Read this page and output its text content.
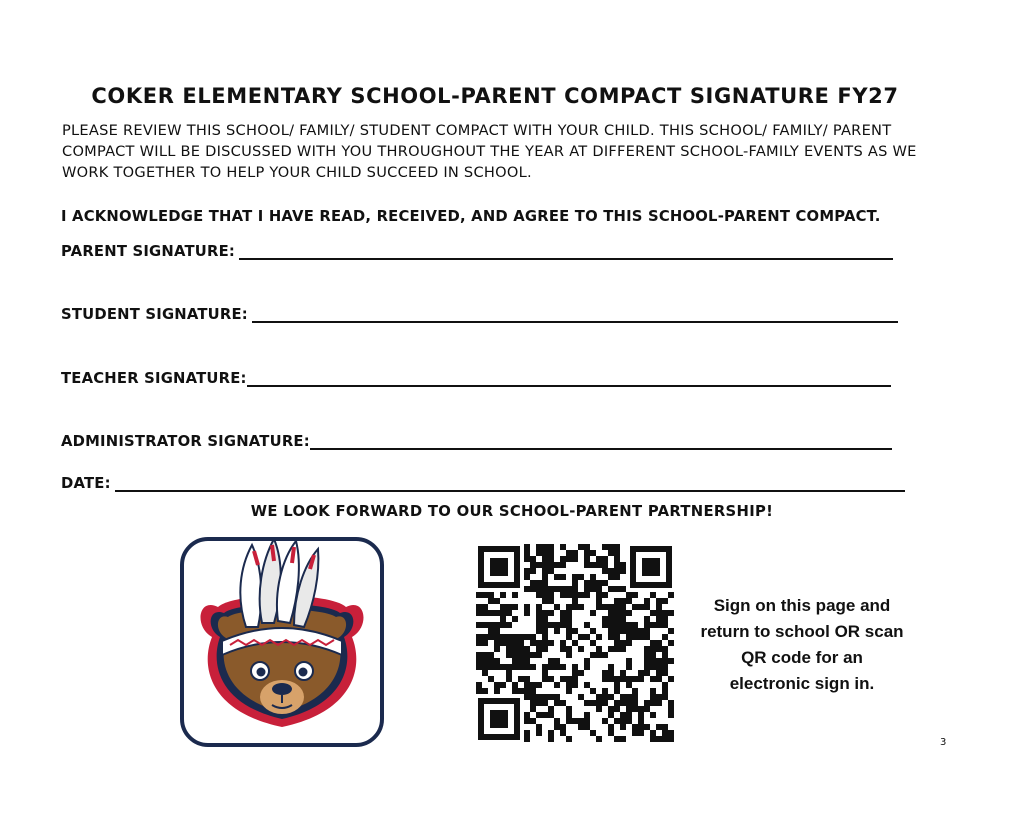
COKER ELEMENTARY SCHOOL-PARENT COMPACT SIGNATURE FY27
PLEASE REVIEW THIS SCHOOL/ FAMILY/ STUDENT COMPACT WITH YOUR CHILD. THIS SCHOOL/ FAMILY/ PARENT COMPACT WILL BE DISCUSSED WITH YOU THROUGHOUT THE YEAR AT DIFFERENT SCHOOL-FAMILY EVENTS AS WE WORK TOGETHER TO HELP YOUR CHILD SUCCEED IN SCHOOL.
I ACKNOWLEDGE THAT I HAVE READ, RECEIVED, AND AGREE TO THIS SCHOOL-PARENT COMPACT.
PARENT SIGNATURE:
STUDENT SIGNATURE:
TEACHER SIGNATURE:
ADMINISTRATOR SIGNATURE:
DATE:
WE LOOK FORWARD TO OUR SCHOOL-PARENT PARTNERSHIP!
Sign on this page and return to school OR scan QR code for an electronic sign in.
3
